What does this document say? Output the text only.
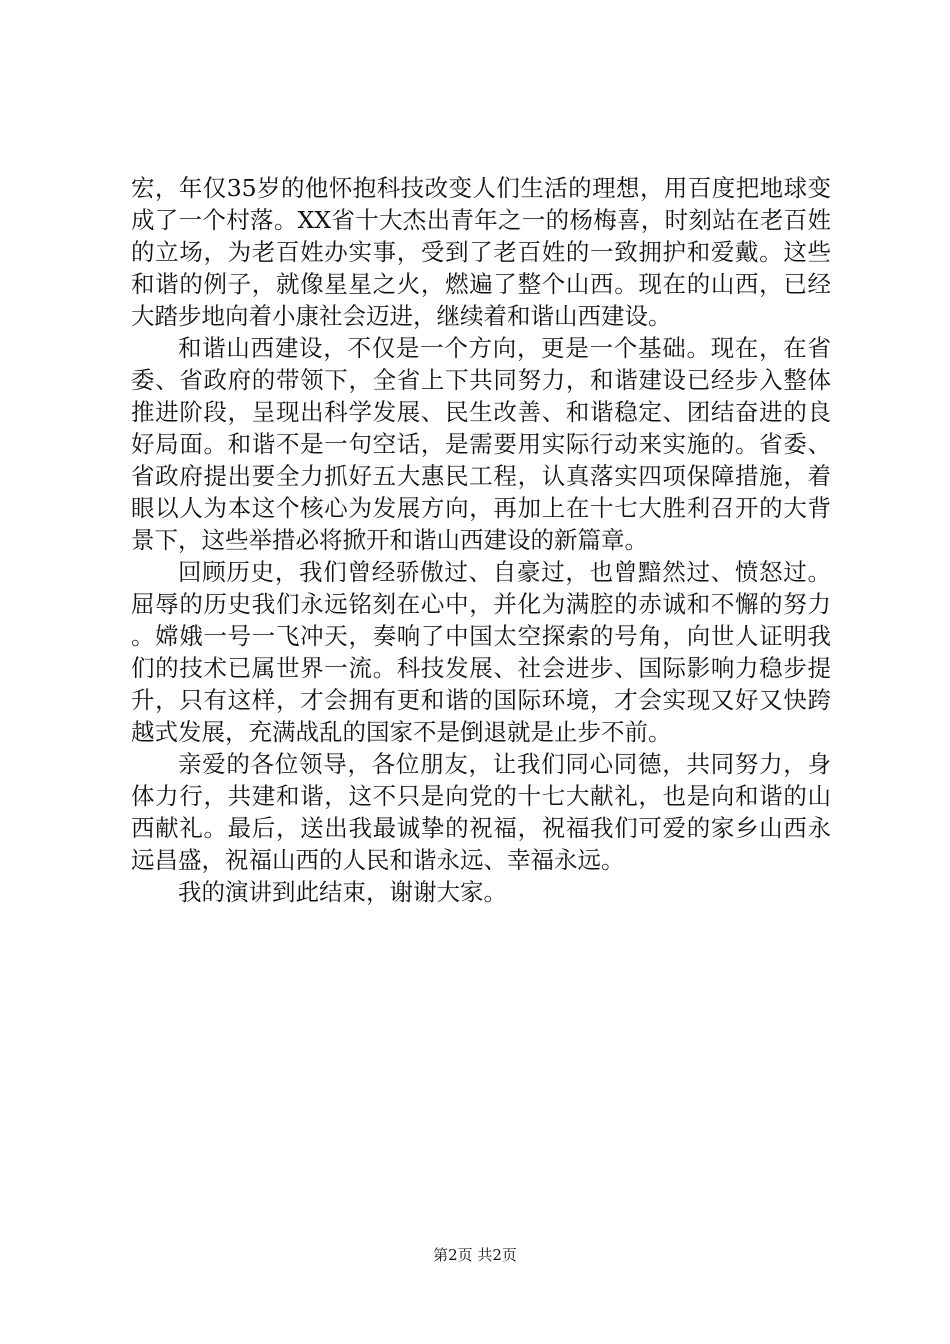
宏，年仅35岁的他怀抱科技改变人们生活的理想，用百度把地球变成了一个村落。XX省十大杰出青年之一的杨梅喜，时刻站在老百姓的立场，为老百姓办实事，受到了老百姓的一致拥护和爱戴。这些和谐的例子，就像星星之火，燃遍了整个山西。现在的山西，已经大踏步地向着小康社会迈进，继续着和谐山西建设。

和谐山西建设，不仅是一个方向，更是一个基础。现在，在省委、省政府的带领下，全省上下共同努力，和谐建设已经步入整体推进阶段，呈现出科学发展、民生改善、和谐稳定、团结奋进的良好局面。和谐不是一句空话，是需要用实际行动来实施的。省委、省政府提出要全力抓好五大惠民工程，认真落实四项保障措施，着眼以人为本这个核心为发展方向，再加上在十七大胜利召开的大背景下，这些举措必将掀开和谐山西建设的新篇章。

回顾历史，我们曾经骄傲过、自豪过，也曾黯然过、愤怒过。屈辱的历史我们永远铭刻在心中，并化为满腔的赤诚和不懈的努力。嫦娥一号一飞冲天，奏响了中国太空探索的号角，向世人证明我们的技术已属世界一流。科技发展、社会进步、国际影响力稳步提升，只有这样，才会拥有更和谐的国际环境，才会实现又好又快跨越式发展，充满战乱的国家不是倒退就是止步不前。

亲爱的各位领导，各位朋友，让我们同心同德，共同努力，身体力行，共建和谐，这不只是向党的十七大献礼，也是向和谐的山西献礼。最后，送出我最诚挚的祝福，祝福我们可爱的家乡山西永远昌盛，祝福山西的人民和谐永远、幸福永远。

我的演讲到此结束，谢谢大家。

第2页 共2页
